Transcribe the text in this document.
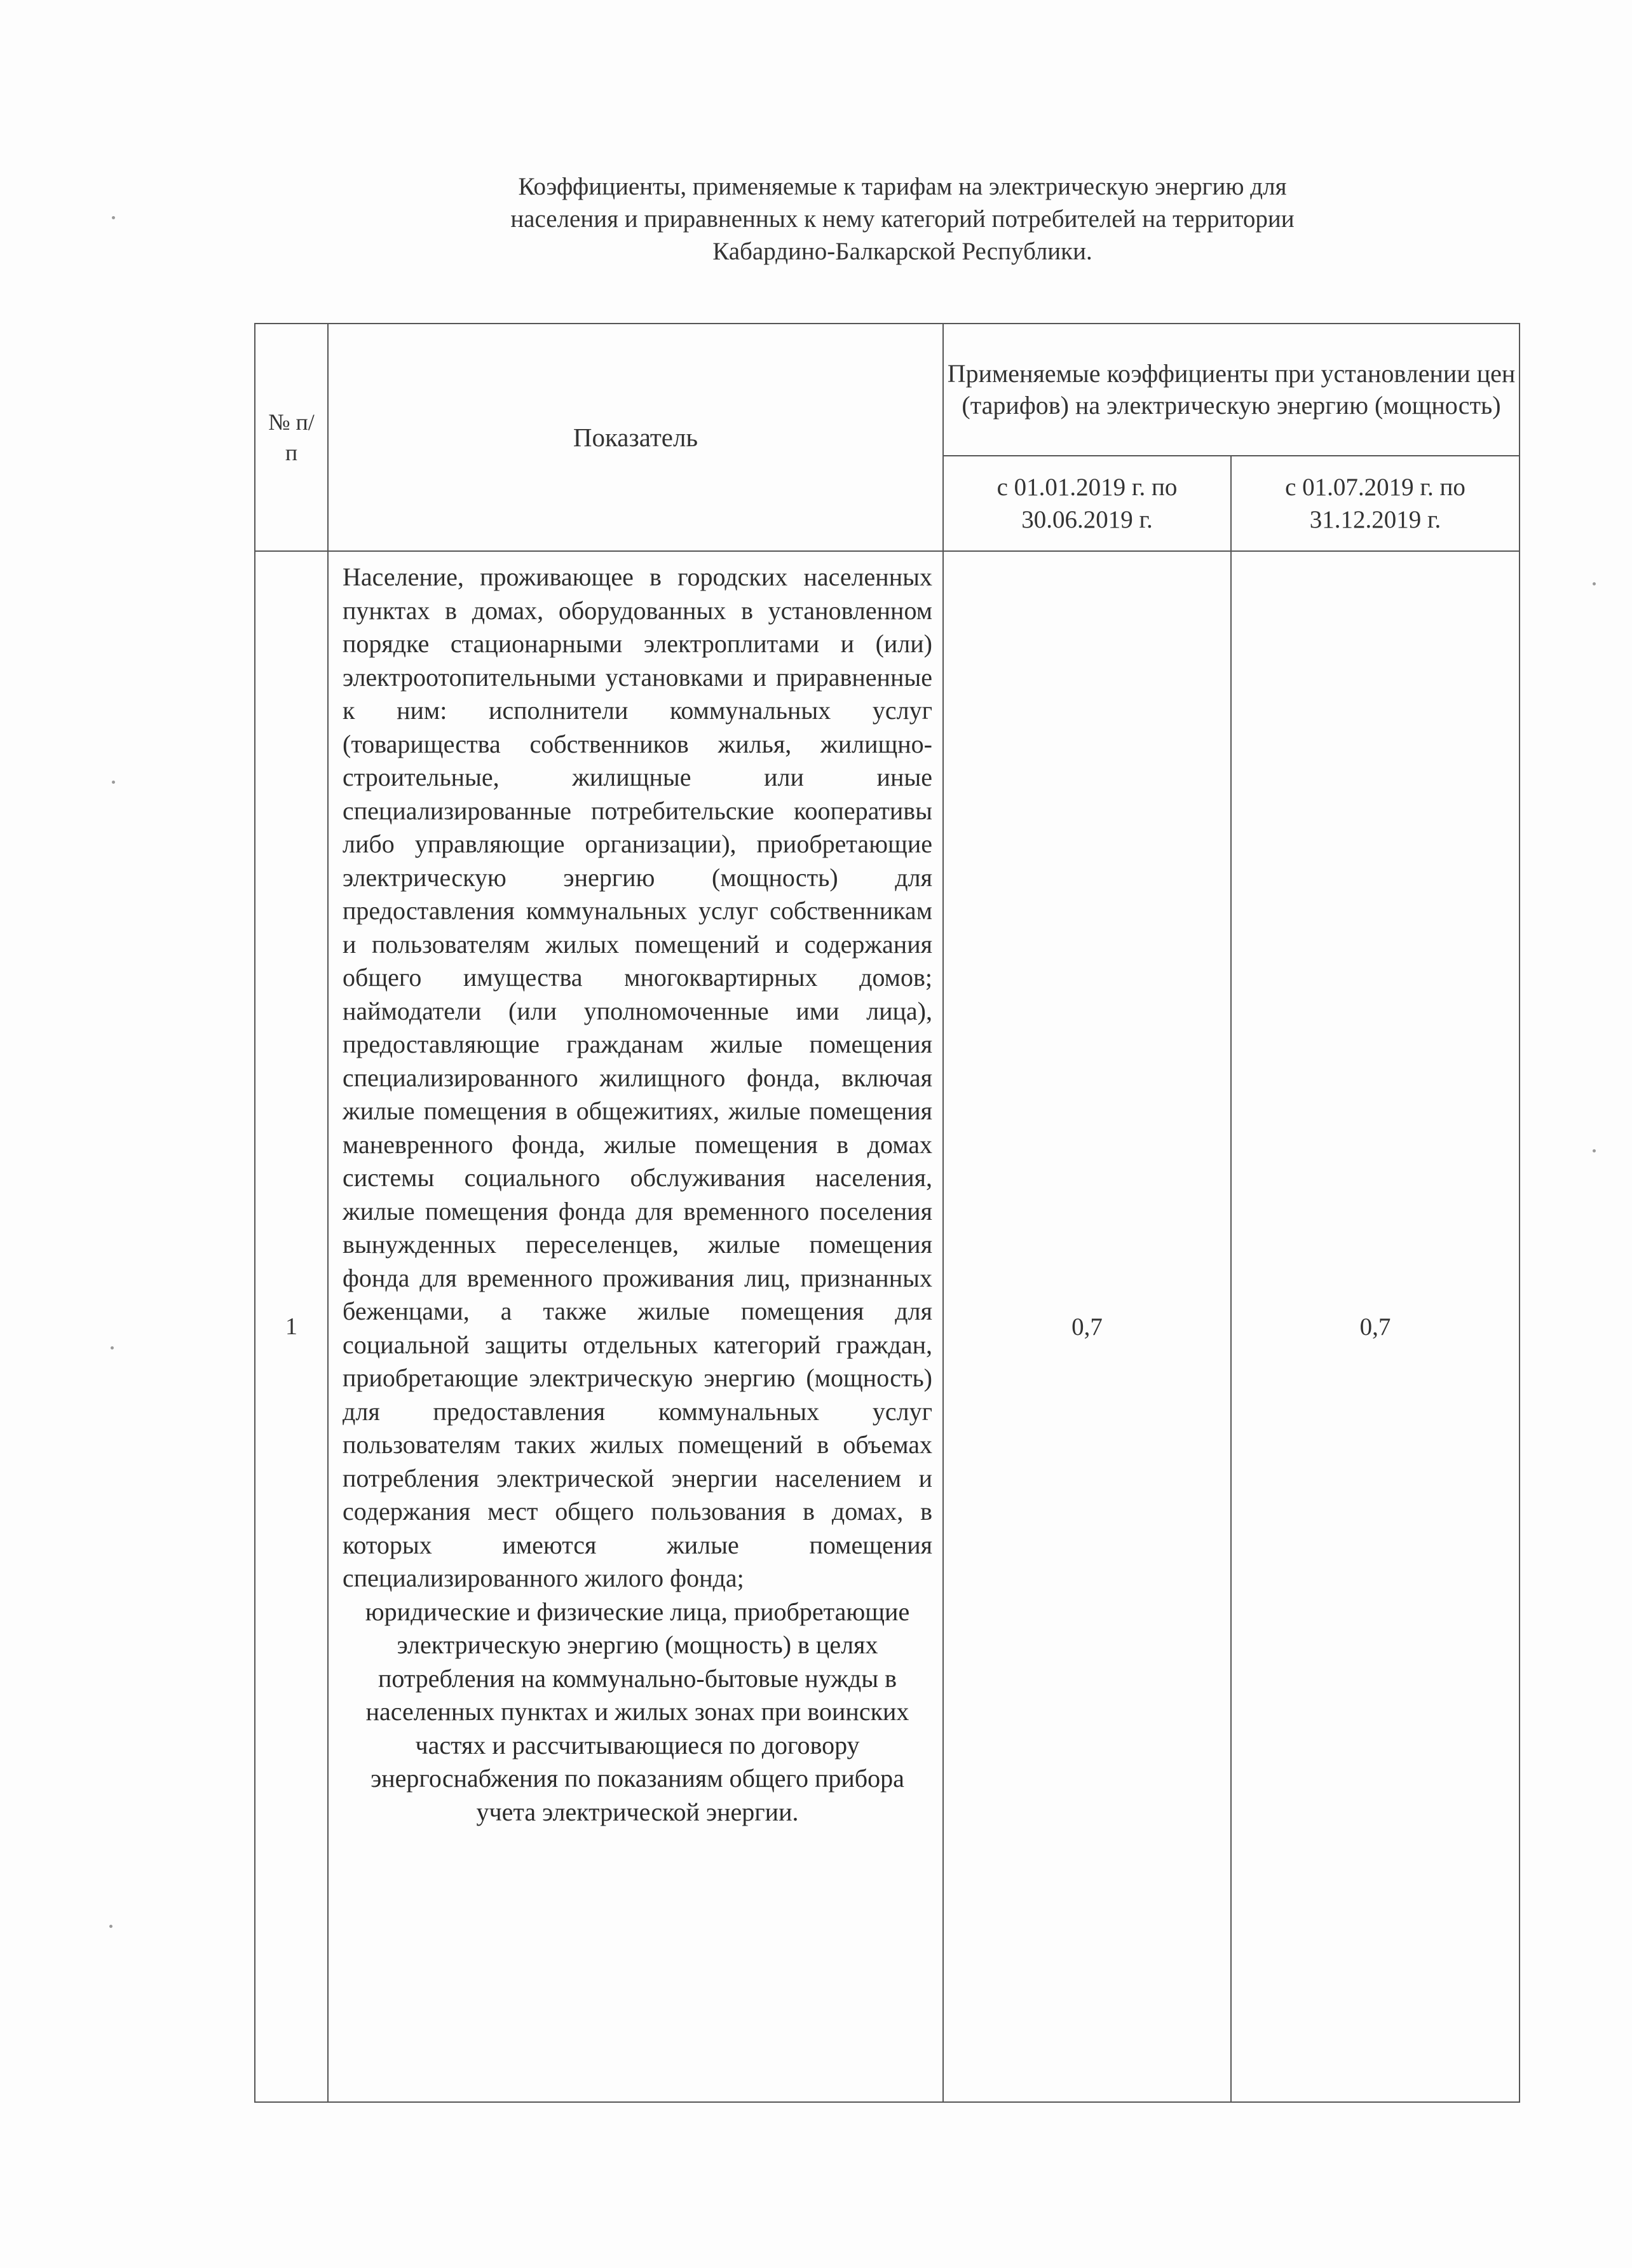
Коэффициенты, применяемые к тарифам на электрическую энергию для
населения и приравненных к нему категорий потребителей на территории
Кабардино-Балкарской Республики.
№ п/п	Показатель	Применяемые коэффициенты при установлении цен (тарифов) на электрическую энергию (мощность)	

		с 01.01.2019 г. по 30.06.2019 г.	с 01.07.2019 г. по 31.12.2019 г.

1	Население, проживающее в городских населенных пунктах в домах, оборудованных в установленном порядке стационарными электроплитами и (или) электроотопительными установками и приравненные к ним: исполнители коммунальных услуг (товарищества собственников жилья, жилищно-строительные, жилищные или иные специализированные потребительские кооперативы либо управляющие организации), приобретающие электрическую энергию (мощность) для предоставления коммунальных услуг собственникам и пользователям жилых помещений и содержания общего имущества многоквартирных домов; наймодатели (или уполномоченные ими лица), предоставляющие гражданам жилые помещения специализированного жилищного фонда, включая жилые помещения в общежитиях, жилые помещения маневренного фонда, жилые помещения в домах системы социального обслуживания населения, жилые помещения фонда для временного поселения вынужденных переселенцев, жилые помещения фонда для временного проживания лиц, признанных беженцами, а также жилые помещения для социальной защиты отдельных категорий граждан, приобретающие электрическую энергию (мощность) для предоставления коммунальных услуг пользователям таких жилых помещений в объемах потребления электрической энергии населением и содержания мест общего пользования в домах, в которых имеются жилые помещения специализированного жилого фонда;
юридические и физические лица, приобретающие электрическую энергию (мощность) в целях потребления на коммунально-бытовые нужды в населенных пунктах и жилых зонах при воинских частях и рассчитывающиеся по договору энергоснабжения по показаниям общего прибора учета электрической энергии.	0,7	0,7
